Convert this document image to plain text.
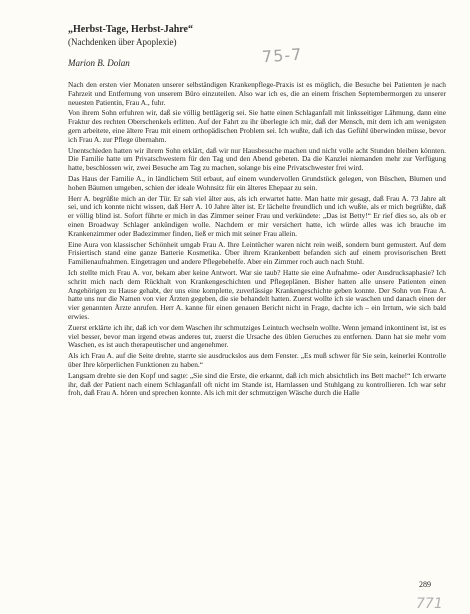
„Herbst-Tage, Herbst-Jahre“
(Nachdenken über Apoplexie)
Marion B. Dolan	75-7

Nach den ersten vier Monaten unserer selbständigen Krankenpflege-Praxis ist es möglich, die Besuche bei Patienten je nach Fahrzeit und Entfernung von unserem Büro einzuteilen. Also war ich es, die an einem frischen Septembermorgen zu unserer neuesten Patientin, Frau A., fuhr.

Von ihrem Sohn erfuhren wir, daß sie völlig bettlägerig sei. Sie hatte einen Schlaganfall mit linksseitiger Lähmung, dann eine Fraktur des rechten Oberschenkels erlitten. Auf der Fahrt zu ihr überlegte ich mir, daß der Mensch, mit dem ich am wenigsten gern arbeitete, eine ältere Frau mit einem orthopädischen Problem sei. Ich wußte, daß ich das Gefühl überwinden müsse, bevor ich Frau A. zur Pflege übernahm.

Unentschieden hatten wir ihrem Sohn erklärt, daß wir nur Hausbesuche machen und nicht volle acht Stunden bleiben könnten. Die Familie hatte um Privatschwestern für den Tag und den Abend gebeten. Da die Kanzlei niemanden mehr zur Verfügung hatte, beschlossen wir, zwei Besuche am Tag zu machen, solange bis eine Privatschwester frei wird.

Das Haus der Familie A., in ländlichem Stil erbaut, auf einem wundervollen Grundstück gelegen, von Büschen, Blumen und hohen Bäumen umgeben, schien der ideale Wohnsitz für ein älteres Ehepaar zu sein.

Herr A. begrüßte mich an der Tür. Er sah viel älter aus, als ich erwartet hatte. Man hatte mir gesagt, daß Frau A. 73 Jahre alt sei, und ich konnte nicht wissen, daß Herr A. 10 Jahre älter ist. Er lächelte freundlich und ich wußte, als er mich begrüßte, daß er völlig blind ist. Sofort führte er mich in das Zimmer seiner Frau und verkündete: „Das ist Betty!“ Er rief dies so, als ob er einen Broadway Schlager ankündigen wolle. Nachdem er mir versichert hatte, ich würde alles was ich brauche im Krankenzimmer oder Badezimmer finden, ließ er mich mit seiner Frau allein.

Eine Aura von klassischer Schönheit umgab Frau A. Ihre Leintücher waren nicht rein weiß, sondern bunt gemustert. Auf dem Frisiertisch stand eine ganze Batterie Kosmetika. Über ihrem Krankenbett befanden sich auf einem provisorischen Brett Familienaufnahmen. Eingetragen und andere Pflegebehelfe. Aber ein Zimmer roch auch nach Stuhl.

Ich stellte mich Frau A. vor, bekam aber keine Antwort. War sie taub? Hatte sie eine Aufnahme- oder Ausdrucksaphasie? Ich schritt mich nach dem Rückhalt von Krankengeschichten und Pflegeplänen. Bisher hatten alle unsere Patienten einen Angehörigen zu Hause gehabt, der uns eine komplette, zuverlässige Krankengeschichte geben konnte. Der Sohn von Frau A. hatte uns nur die Namen von vier Ärzten gegeben, die sie behandelt hatten. Zuerst wollte ich sie waschen und danach einen der vier genannten Ärzte anrufen. Herr A. kanne für einen genauen Bericht nicht in Frage, dachte ich – ein Irrtum, wie sich bald erwies.

Zuerst erklärte ich ihr, daß ich vor dem Waschen ihr schmutziges Leintuch wechseln wollte. Wenn jemand inkontinent ist, ist es viel besser, bevor man irgend etwas anderes tut, zuerst die Ursache des üblen Geruches zu entfernen. Dann hat sie mehr vom Waschen, es ist auch therapeutischer und angenehmer.

Als ich Frau A. auf die Seite drehte, starrte sie ausdruckslos aus dem Fenster. „Es muß schwer für Sie sein, keinerlei Kontrolle über Ihre körperlichen Funktionen zu haben.“

Langsam drehte sie den Kopf und sagte: „Sie sind die Erste, die erkannt, daß ich mich absichtlich ins Bett mache!“ Ich erwarte ihr, daß der Patient nach einem Schlaganfall oft nicht im Stande ist, Harnlassen und Stuhlgang zu kontrollieren. Ich war sehr froh, daß Frau A. hören und sprechen konnte. Als ich mit der schmutzigen Wäsche durch die Halle

289
771
